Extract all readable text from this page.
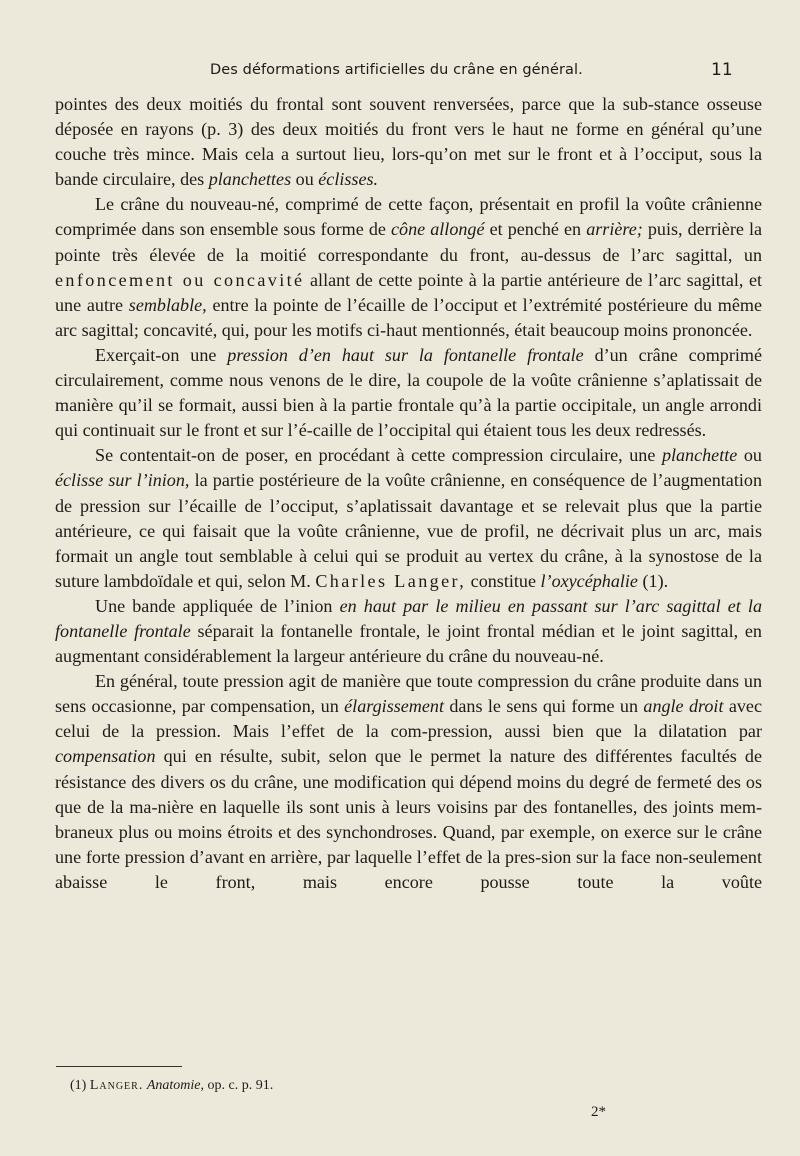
Des déformations artificielles du crâne en général.	11

pointes des deux moitiés du frontal sont souvent renversées, parce que la sub-stance osseuse déposée en rayons (p. 3) des deux moitiés du front vers le haut ne forme en général qu’une couche très mince. Mais cela a surtout lieu, lors-qu’on met sur le front et à l’occiput, sous la bande circulaire, des planchettes ou éclisses.

Le crâne du nouveau-né, comprimé de cette façon, présentait en profil la voûte crânienne comprimée dans son ensemble sous forme de cône allongé et penché en arrière; puis, derrière la pointe très élevée de la moitié correspondante du front, au-dessus de l’arc sagittal, un enfoncement ou concavité allant de cette pointe à la partie antérieure de l’arc sagittal, et une autre semblable, entre la pointe de l’écaille de l’occiput et l’extrémité postérieure du même arc sagittal; concavité, qui, pour les motifs ci-haut mentionnés, était beaucoup moins prononcée.

Exerçait-on une pression d’en haut sur la fontanelle frontale d’un crâne comprimé circulairement, comme nous venons de le dire, la coupole de la voûte crânienne s’aplatissait de manière qu’il se formait, aussi bien à la partie frontale qu’à la partie occipitale, un angle arrondi qui continuait sur le front et sur l’é-caille de l’occipital qui étaient tous les deux redressés.

Se contentait-on de poser, en procédant à cette compression circulaire, une planchette ou éclisse sur l’inion, la partie postérieure de la voûte crânienne, en conséquence de l’augmentation de pression sur l’écaille de l’occiput, s’aplatissait davantage et se relevait plus que la partie antérieure, ce qui faisait que la voûte crânienne, vue de profil, ne décrivait plus un arc, mais formait un angle tout semblable à celui qui se produit au vertex du crâne, à la synostose de la suture lambdoïdale et qui, selon M. Charles Langer, constitue l’oxycéphalie (1).

Une bande appliquée de l’inion en haut par le milieu en passant sur l’arc sagittal et la fontanelle frontale séparait la fontanelle frontale, le joint frontal médian et le joint sagittal, en augmentant considérablement la largeur antérieure du crâne du nouveau-né.

En général, toute pression agit de manière que toute compression du crâne produite dans un sens occasionne, par compensation, un élargissement dans le sens qui forme un angle droit avec celui de la pression. Mais l’effet de la com-pression, aussi bien que la dilatation par compensation qui en résulte, subit, selon que le permet la nature des différentes facultés de résistance des divers os du crâne, une modification qui dépend moins du degré de fermeté des os que de la ma-nière en laquelle ils sont unis à leurs voisins par des fontanelles, des joints mem-braneux plus ou moins étroits et des synchondroses. Quand, par exemple, on exerce sur le crâne une forte pression d’avant en arrière, par laquelle l’effet de la pres-sion sur la face non-seulement abaisse le front, mais encore pousse toute la voûte

(1) Langer. Anatomie, op. c. p. 91.
2*
